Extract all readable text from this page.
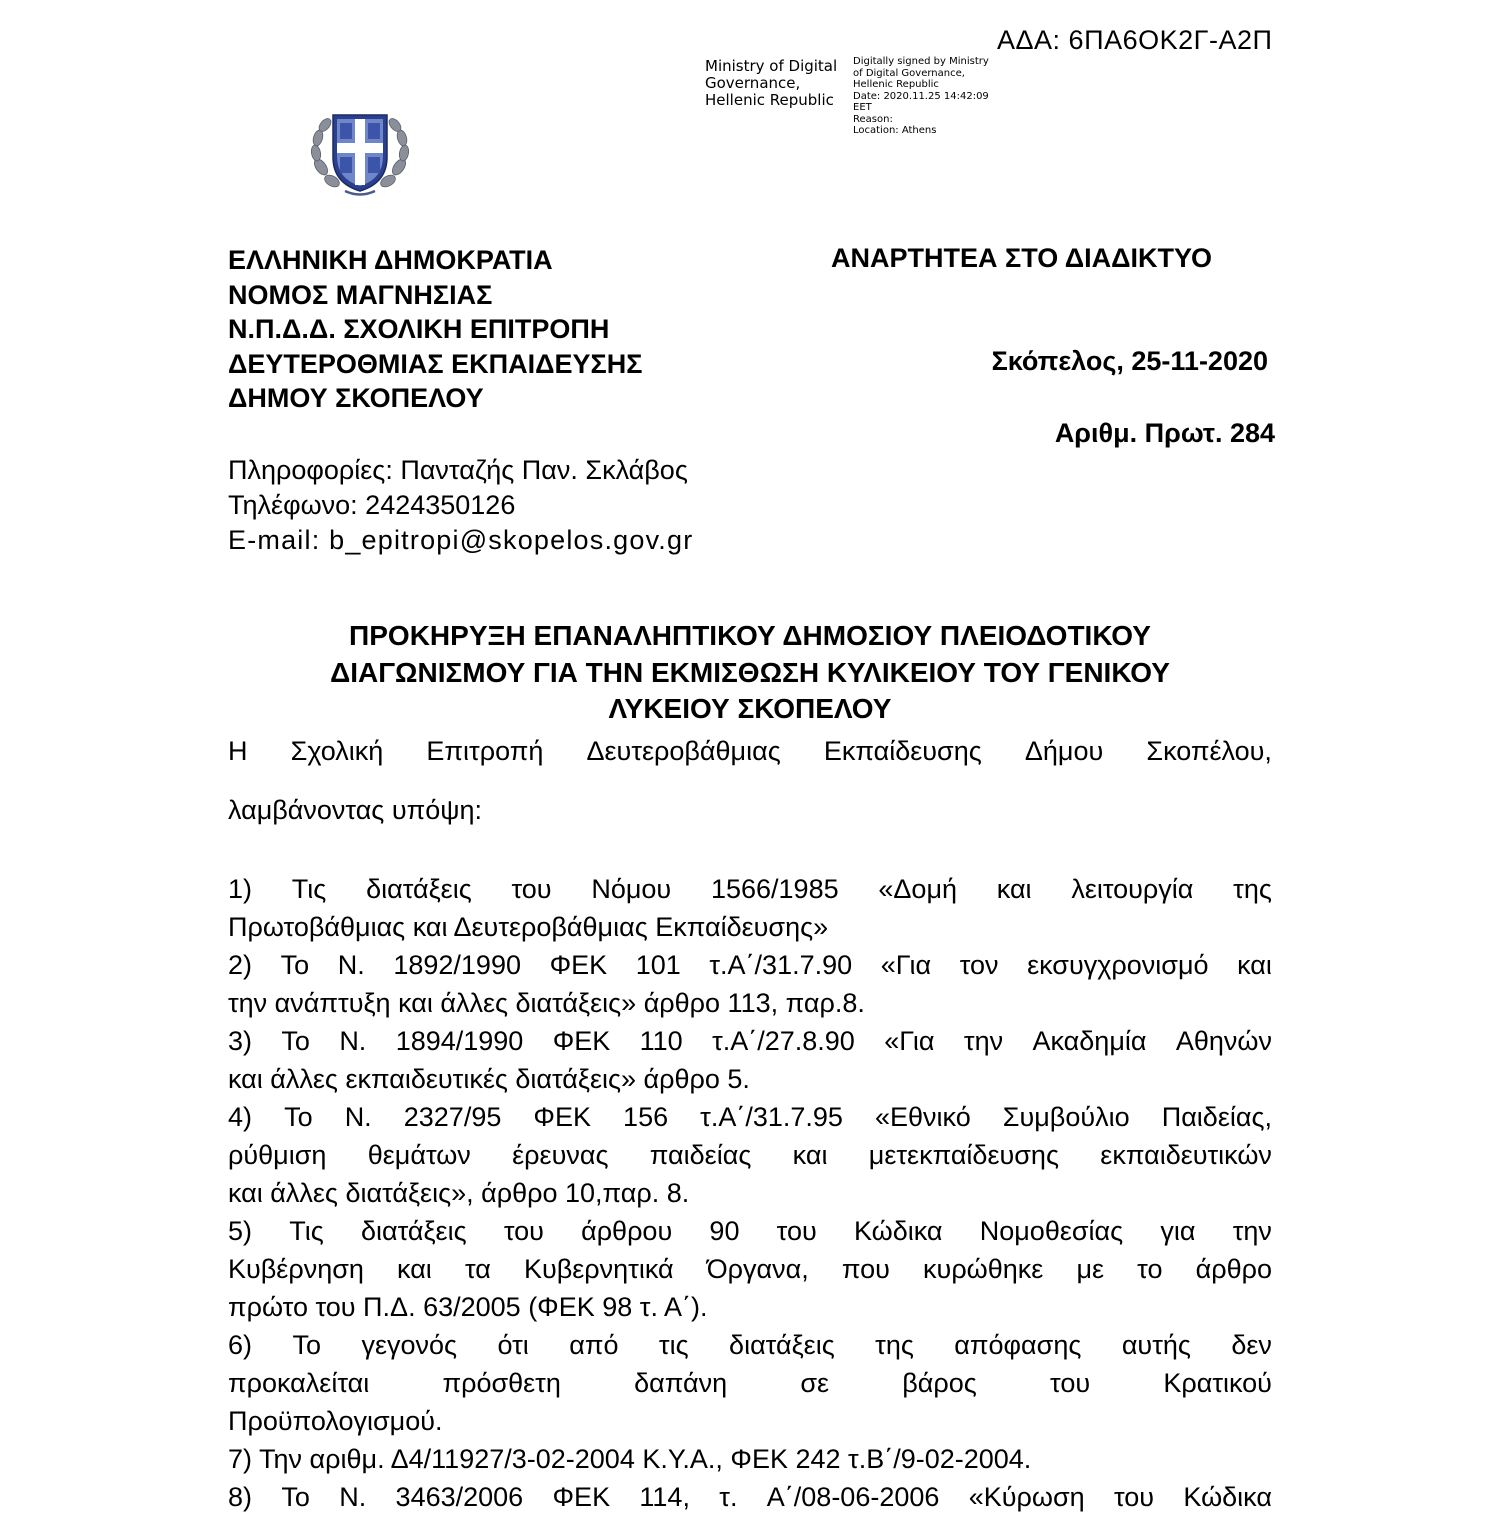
ΑΔΑ: 6ΠΑ6ΟΚ2Γ-Α2Π
Ministry of Digital
Governance,
Hellenic Republic
Digitally signed by Ministry
of Digital Governance,
Hellenic Republic
Date: 2020.11.25 14:42:09
EET
Reason:
Location: Athens
ΕΛΛΗΝΙΚΗ ΔΗΜΟΚΡΑΤΙΑ
ΝΟΜΟΣ ΜΑΓΝΗΣΙΑΣ
Ν.Π.Δ.Δ. ΣΧΟΛΙΚΗ ΕΠΙΤΡΟΠΗ
ΔΕΥΤΕΡΟΘΜΙΑΣ ΕΚΠΑΙΔΕΥΣΗΣ
ΔΗΜΟΥ ΣΚΟΠΕΛΟΥ
ΑΝΑΡΤΗΤΕΑ ΣΤΟ ΔΙΑΔΙΚΤΥΟ
Σκόπελος, 25-11-2020
Αριθμ. Πρωτ. 284
Πληροφορίες: Πανταζής Παν. Σκλάβος
Τηλέφωνο: 2424350126
E-mail: b_epitropi@skopelos.gov.gr
ΠΡΟΚΗΡΥΞΗ ΕΠΑΝΑΛΗΠΤΙΚΟΥ ΔΗΜΟΣΙΟΥ ΠΛΕΙΟΔΟΤΙΚΟΥ
ΔΙΑΓΩΝΙΣΜΟΥ ΓΙΑ ΤΗΝ ΕΚΜΙΣΘΩΣΗ ΚΥΛΙΚΕΙΟΥ ΤΟΥ ΓΕΝΙΚΟΥ
ΛΥΚΕΙΟΥ ΣΚΟΠΕΛΟΥ
Η Σχολική Επιτροπή Δευτεροβάθμιας Εκπαίδευσης Δήμου Σκοπέλου,
λαμβάνοντας υπόψη:
1) Τις διατάξεις του Νόμου 1566/1985 «Δομή και λειτουργία της
Πρωτοβάθμιας και Δευτεροβάθμιας Εκπαίδευσης»
2) Το Ν. 1892/1990 ΦΕΚ 101 τ.Α΄/31.7.90 «Για τον εκσυγχρονισμό και
την ανάπτυξη και άλλες διατάξεις» άρθρο 113, παρ.8.
3) Το Ν. 1894/1990 ΦΕΚ 110 τ.Α΄/27.8.90 «Για την Ακαδημία Αθηνών
και άλλες εκπαιδευτικές διατάξεις» άρθρο 5.
4) Το Ν. 2327/95 ΦΕΚ 156 τ.Α΄/31.7.95 «Εθνικό Συμβούλιο Παιδείας,
ρύθμιση θεμάτων έρευνας παιδείας και μετεκπαίδευσης εκπαιδευτικών
και άλλες διατάξεις», άρθρο 10,παρ. 8.
5) Τις διατάξεις του άρθρου 90 του Κώδικα Νομοθεσίας για την
Κυβέρνηση και τα Κυβερνητικά Όργανα, που κυρώθηκε με το άρθρο
πρώτο του Π.Δ. 63/2005 (ΦΕΚ 98 τ. Α΄).
6) Το γεγονός ότι από τις διατάξεις της απόφασης αυτής δεν
προκαλείται	πρόσθετη	δαπάνη	σε	βάρος	του	Κρατικού
Προϋπολογισμού.
7) Την αριθμ. Δ4/11927/3-02-2004 Κ.Υ.Α., ΦΕΚ 242 τ.Β΄/9-02-2004.
8) Το Ν. 3463/2006 ΦΕΚ 114, τ. Α΄/08-06-2006 «Κύρωση του Κώδικα
